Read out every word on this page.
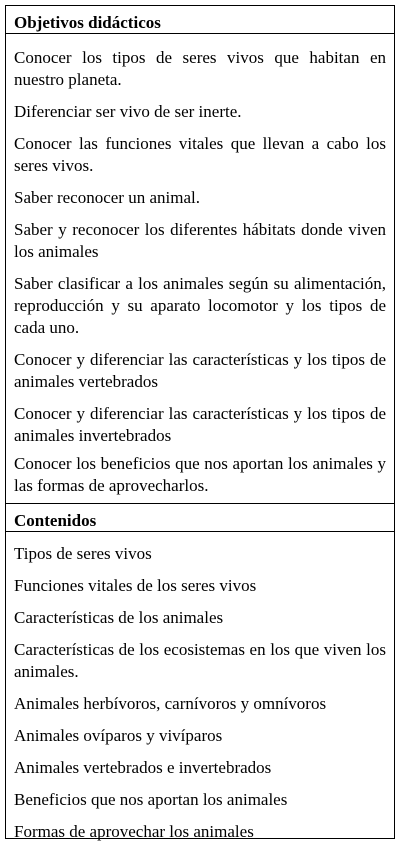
Objetivos didácticos
Conocer los tipos de seres vivos que habitan en nuestro planeta.
Diferenciar ser vivo de ser inerte.
Conocer las funciones vitales que llevan a cabo los seres vivos.
Saber reconocer un animal.
Saber y reconocer los diferentes hábitats donde viven los animales
Saber clasificar a los animales según su alimentación, reproducción y su aparato locomotor y los tipos de cada uno.
Conocer y diferenciar las características y los tipos de animales vertebrados
Conocer y diferenciar las características y los tipos de animales invertebrados
Conocer los beneficios que nos aportan los animales y las formas de aprovecharlos.
Contenidos
Tipos de seres vivos
Funciones vitales de los seres vivos
Características de los animales
Características de los ecosistemas en los que viven los animales.
Animales herbívoros, carnívoros y omnívoros
Animales ovíparos y vivíparos
Animales vertebrados e invertebrados
Beneficios que nos aportan los animales
Formas de aprovechar los animales
